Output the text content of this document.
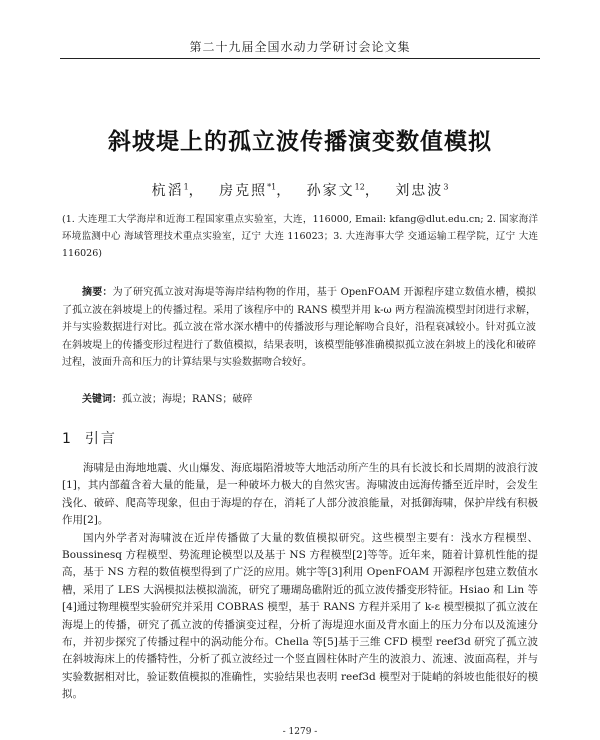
第二十九届全国水动力学研讨会论文集
斜坡堤上的孤立波传播演变数值模拟
杭滔$^1$， 房克照$^{*1}$， 孙家文$^{12}$， 刘忠波$^3$
(1. 大连理工大学海岸和近海工程国家重点实验室，大连，116000, Email: kfang@dlut.edu.cn; 2. 国家海洋环境监测中心 海域管理技术重点实验室，辽宁 大连 116023；3. 大连海事大学 交通运输工程学院，辽宁 大连 116026)
摘要：为了研究孤立波对海堤等海岸结构物的作用，基于 OpenFOAM 开源程序建立数值水槽，模拟了孤立波在斜坡堤上的传播过程。采用了该程序中的 RANS 模型并用 k-ω 两方程湍流模型封闭进行求解，并与实验数据进行对比。孤立波在常水深水槽中的传播波形与理论解吻合良好，沿程衰减较小。针对孤立波在斜坡堤上的传播变形过程进行了数值模拟，结果表明，该模型能够准确模拟孤立波在斜坡上的浅化和破碎过程，波面升高和压力的计算结果与实验数据吻合较好。
关键词：孤立波；海堤；RANS；破碎
1 引言

海啸是由海地地震、火山爆发、海底塌陷滑坡等大地活动所产生的具有长波长和长周期的波浪行波[1]，其内部蕴含着大量的能量，是一种破坏力极大的自然灾害。海啸波由远海传播至近岸时，会发生浅化、破碎、爬高等现象，但由于海堤的存在，消耗了人部分波浪能量，对抵御海啸，保护岸线有积极作用[2]。

国内外学者对海啸波在近岸传播做了大量的数值模拟研究。这些模型主要有：浅水方程模型、Boussinesq 方程模型、势流理论模型以及基于 NS 方程模型[2]等等。近年来，随着计算机性能的提高，基于 NS 方程的数值模型得到了广泛的应用。姚宇等[3]利用 OpenFOAM 开源程序包建立数值水槽，采用了 LES 大涡模拟法模拟湍流，研究了珊瑚岛礁附近的孤立波传播变形特征。Hsiao 和 Lin 等[4]通过物理模型实验研究并采用 COBRAS 模型，基于 RANS 方程并采用了 k-ε 模型模拟了孤立波在海堤上的传播，研究了孤立波的传播演变过程，分析了海堤迎水面及背水面上的压力分布以及流速分布，并初步探究了传播过程中的涡动能分布。Chella 等[5]基于三维 CFD 模型 reef3d 研究了孤立波在斜坡海床上的传播特性，分析了孤立波经过一个竖直圆柱体时产生的波浪力、流速、波面高程，并与实验数据相对比，验证数值模拟的准确性，实验结果也表明 reef3d 模型对于陡峭的斜坡也能很好的模拟。

- 1279 -
